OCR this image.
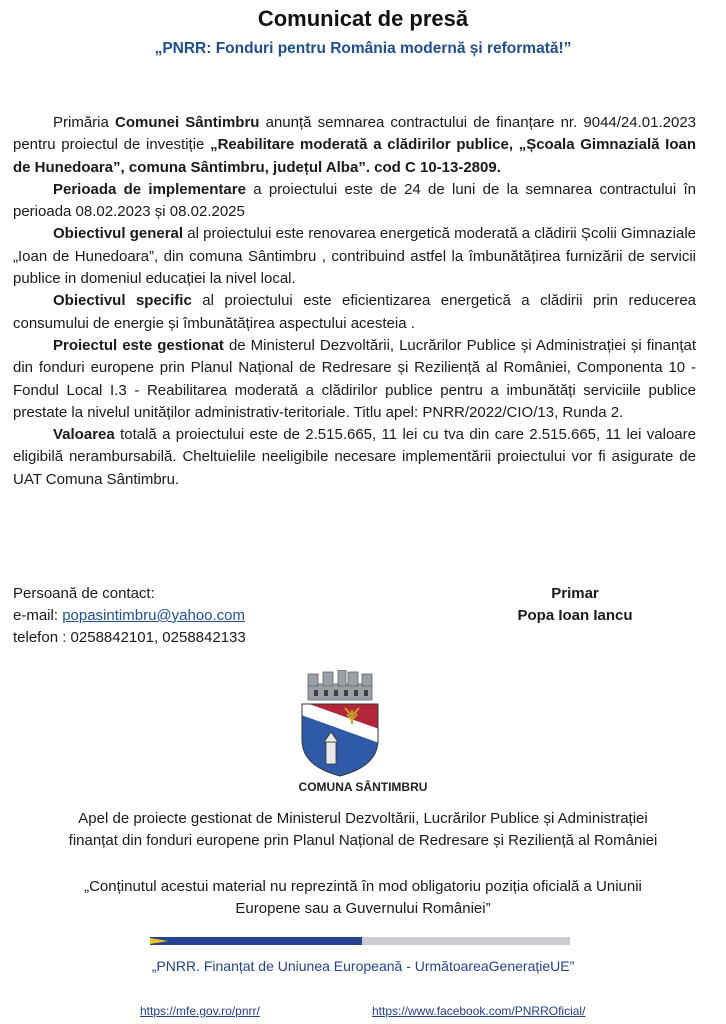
Comunicat de presă
„PNRR: Fonduri pentru România modernă și reformată!”

Primăria Comunei Sântimbru anunță semnarea contractului de finanțare nr. 9044/24.01.2023 pentru proiectul de investiție „Reabilitare moderată a clădirilor publice, „Școala Gimnazială Ioan de Hunedoara”, comuna Sântimbru, județul Alba”. cod C 10-13-2809.

Perioada de implementare a proiectului este de 24 de luni de la semnarea contractului în perioada 08.02.2023 și 08.02.2025

Obiectivul general al proiectului este renovarea energetică moderată a clădirii Școlii Gimnaziale „Ioan de Hunedoara”, din comuna Sântimbru , contribuind astfel la îmbunătățirea furnizării de servicii publice in domeniul educației la nivel local.

Obiectivul specific al proiectului este eficientizarea energetică a clădirii prin reducerea consumului de energie și îmbunătățirea aspectului acesteia .

Proiectul este gestionat de Ministerul Dezvoltării, Lucrărilor Publice și Administrației și finanțat din fonduri europene prin Planul Național de Redresare și Reziliență al României, Componenta 10 - Fondul Local I.3 - Reabilitarea moderată a clădirilor publice pentru a imbunătăți serviciile publice prestate la nivelul unităților administrativ-teritoriale. Titlu apel: PNRR/2022/CIO/13, Runda 2.

Valoarea totală a proiectului este de 2.515.665, 11 lei cu tva din care 2.515.665, 11 lei valoare eligibilă nerambursabilă. Cheltuielile neeligibile necesare implementării proiectului vor fi asigurate de UAT Comuna Sântimbru.

Persoană de contact:
e-mail: popasintimbru@yahoo.com
telefon : 0258842101, 0258842133
Primar
Popa Ioan Iancu
COMUNA SÂNTIMBRU
Apel de proiecte gestionat de Ministerul Dezvoltării, Lucrărilor Publice și Administrației
finanțat din fonduri europene prin Planul Național de Redresare și Reziliență al României
„Conținutul acestui material nu reprezintă în mod obligatoriu poziția oficială a Uniunii
Europene sau a Guvernului României”
„PNRR. Finanțat de Uniunea Europeană - UrmătoareaGenerațieUE”
https://mfe.gov.ro/pnrr/	https://www.facebook.com/PNRROficial/
